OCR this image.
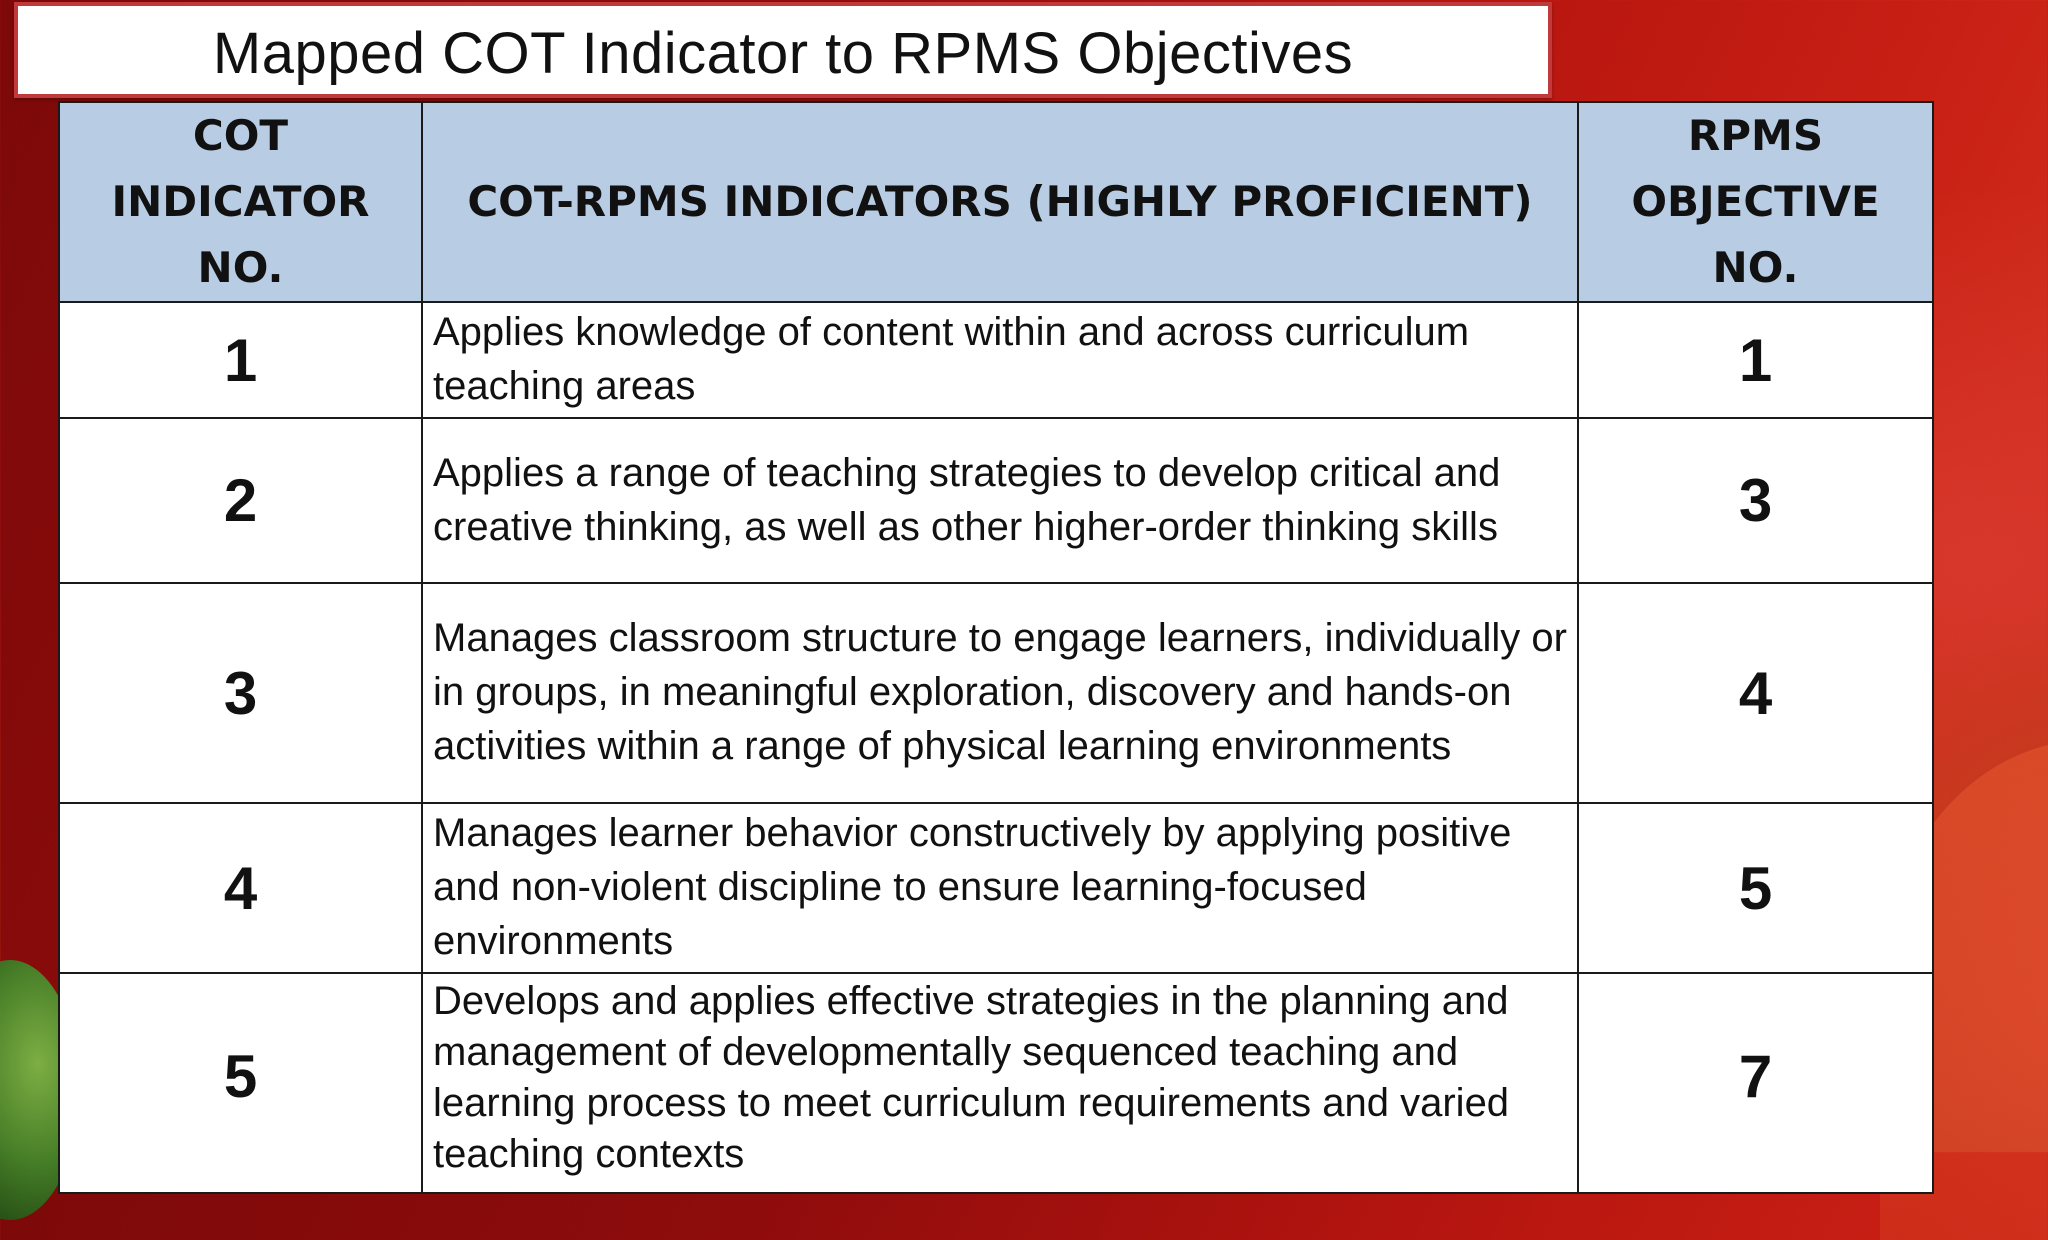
Mapped COT Indicator to RPMS Objectives
COT INDICATOR NO.	COT-RPMS INDICATORS (HIGHLY PROFICIENT)	RPMS OBJECTIVE NO.
1	Applies knowledge of content within and across curriculum teaching areas	1
2	Applies a range of teaching strategies to develop critical and creative thinking, as well as other higher-order thinking skills	3
3	Manages classroom structure to engage learners, individually or in groups, in meaningful exploration, discovery and hands-on activities within a range of physical learning environments	4
4	Manages learner behavior constructively by applying positive and non-violent discipline to ensure learning-focused environments	5
5	Develops and applies effective strategies in the planning and management of developmentally sequenced teaching and learning process to meet curriculum requirements and varied teaching contexts	7
